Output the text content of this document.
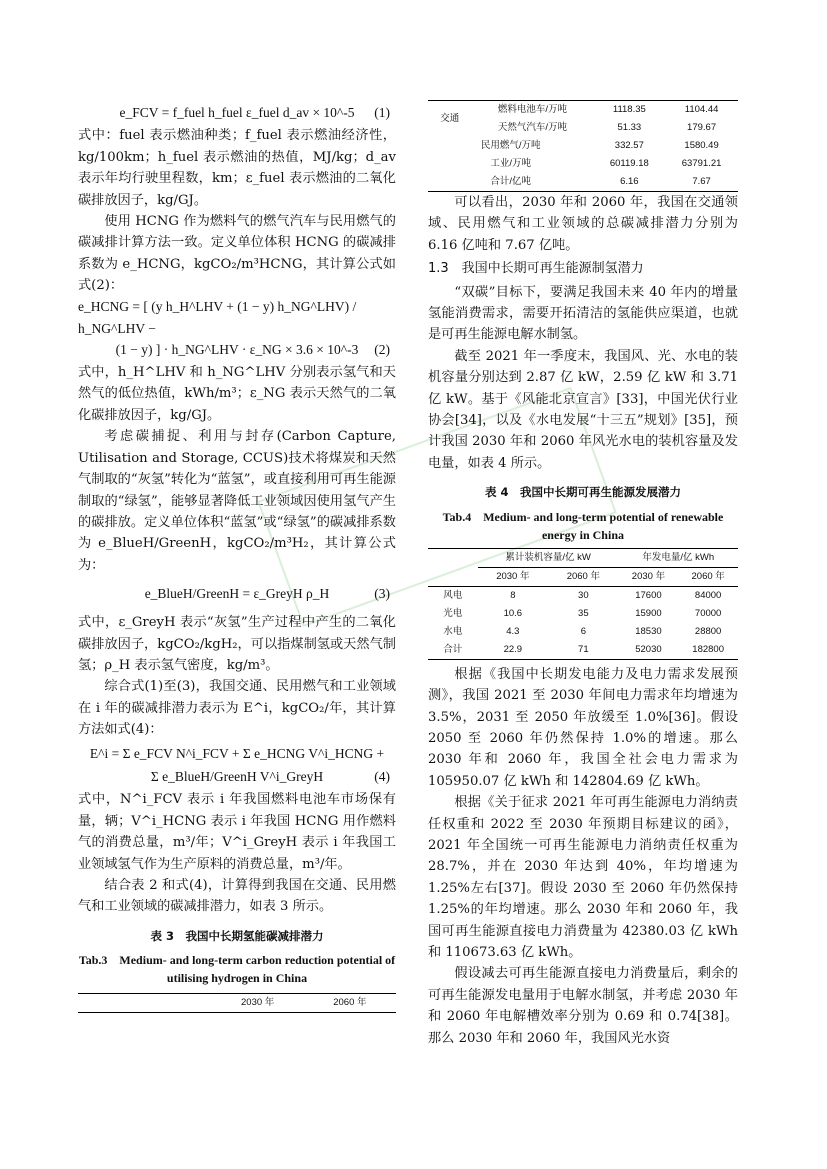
e_FCV = f_fuel h_fuel ε_fuel d_av × 10^-5 (1)

式中：fuel 表示燃油种类；f_fuel 表示燃油经济性，kg/100km；h_fuel 表示燃油的热值，MJ/kg；d_av 表示年均行驶里程数，km；ε_fuel 表示燃油的二氧化碳排放因子，kg/GJ。

使用 HCNG 作为燃料气的燃气汽车与民用燃气的碳减排计算方法一致。定义单位体积 HCNG 的碳减排系数为 e_HCNG，kgCO₂/m³HCNG，其计算公式如式(2)：

e_HCNG = [ (y h_H^LHV + (1 − y) h_NG^LHV) / h_NG^LHV −
(1 − y) ] · h_NG^LHV · ε_NG × 3.6 × 10^-3 (2)

式中，h_H^LHV 和 h_NG^LHV 分别表示氢气和天然气的低位热值，kWh/m³；ε_NG 表示天然气的二氧化碳排放因子，kg/GJ。

考虑碳捕捉、利用与封存(Carbon Capture, Utilisation and Storage, CCUS)技术将煤炭和天然气制取的“灰氢”转化为“蓝氢”，或直接利用可再生能源制取的“绿氢”，能够显著降低工业领域因使用氢气产生的碳排放。定义单位体积“蓝氢”或“绿氢”的碳减排系数为 e_BlueH/GreenH，kgCO₂/m³H₂，其计算公式为：

e_BlueH/GreenH = ε_GreyH ρ_H	(3)

式中，ε_GreyH 表示“灰氢”生产过程中产生的二氧化碳排放因子，kgCO₂/kgH₂，可以指煤制氢或天然气制氢；ρ_H 表示氢气密度，kg/m³。

综合式(1)至(3)，我国交通、民用燃气和工业领域在 i 年的碳减排潜力表示为 E^i，kgCO₂/年，其计算方法如式(4)：

E^i = Σ e_FCV N^i_FCV + Σ e_HCNG V^i_HCNG +
Σ e_BlueH/GreenH V^i_GreyH	(4)

式中，N^i_FCV 表示 i 年我国燃料电池车市场保有量，辆；V^i_HCNG 表示 i 年我国 HCNG 用作燃料气的消费总量，m³/年；V^i_GreyH 表示 i 年我国工业领域氢气作为生产原料的消费总量，m³/年。

结合表 2 和式(4)，计算得到我国在交通、民用燃气和工业领域的碳减排潜力，如表 3 所示。

表 3　我国中长期氢能碳减排潜力
Tab.3　Medium- and long-term carbon reduction potential of utilising hydrogen in China
	2030 年	2060 年
交通	燃料电池车/万吨	1118.35	1104.44
	天然气汽车/万吨	51.33	179.67
民用燃气/万吨		332.57	1580.49
工业/万吨		60119.18	63791.21
合计/亿吨		6.16	7.67

可以看出，2030 年和 2060 年，我国在交通领域、民用燃气和工业领域的总碳减排潜力分别为 6.16 亿吨和 7.67 亿吨。

1.3　我国中长期可再生能源制氢潜力

“双碳”目标下，要满足我国未来 40 年内的增量氢能消费需求，需要开拓清洁的氢能供应渠道，也就是可再生能源电解水制氢。

截至 2021 年一季度末，我国风、光、水电的装机容量分别达到 2.87 亿 kW，2.59 亿 kW 和 3.71 亿 kW。基于《风能北京宣言》[33]，中国光伏行业协会[34]，以及《水电发展“十三五”规划》[35]，预计我国 2030 年和 2060 年风光水电的装机容量及发电量，如表 4 所示。

表 4　我国中长期可再生能源发展潜力
Tab.4　Medium- and long-term potential of renewable energy in China
	累计装机容量/亿 kW		年发电量/亿 kWh	
	2030 年	2060 年	2030 年	2060 年
风电	8	30	17600	84000
光电	10.6	35	15900	70000
水电	4.3	6	18530	28800
合计	22.9	71	52030	182800

根据《我国中长期发电能力及电力需求发展预测》，我国 2021 至 2030 年间电力需求年均增速为 3.5%，2031 至 2050 年放缓至 1.0%[36]。假设 2050 至 2060 年仍然保持 1.0%的增速。那么 2030 年和 2060 年，我国全社会电力需求为 105950.07 亿 kWh 和 142804.69 亿 kWh。

根据《关于征求 2021 年可再生能源电力消纳责任权重和 2022 至 2030 年预期目标建议的函》，2021 年全国统一可再生能源电力消纳责任权重为 28.7%，并在 2030 年达到 40%，年均增速为 1.25%左右[37]。假设 2030 至 2060 年仍然保持 1.25%的年均增速。那么 2030 年和 2060 年，我国可再生能源直接电力消费量为 42380.03 亿 kWh 和 110673.63 亿 kWh。

假设减去可再生能源直接电力消费量后，剩余的可再生能源发电量用于电解水制氢，并考虑 2030 年和 2060 年电解槽效率分别为 0.69 和 0.74[38]。那么 2030 年和 2060 年，我国风光水资
